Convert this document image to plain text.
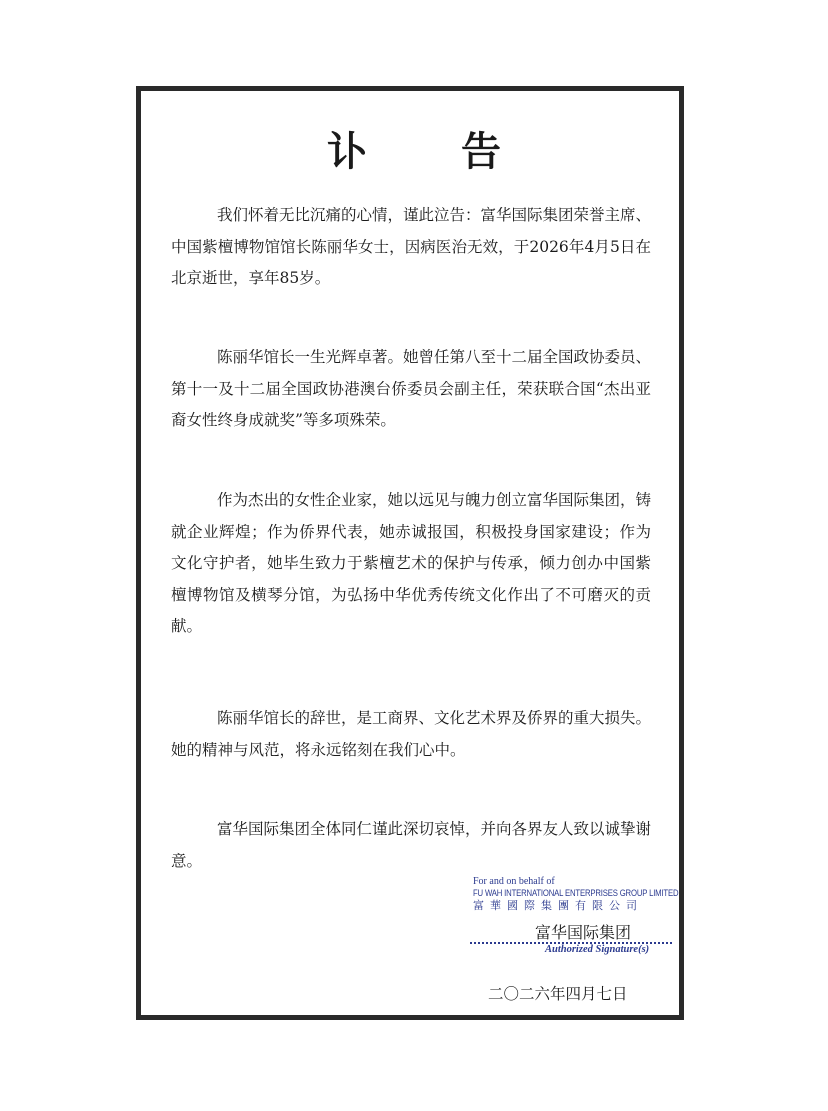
讣 告

我们怀着无比沉痛的心情，谨此泣告：富华国际集团荣誉主席、中国紫檀博物馆馆长陈丽华女士，因病医治无效，于2026年4月5日在北京逝世，享年85岁。

陈丽华馆长一生光辉卓著。她曾任第八至十二届全国政协委员、第十一及十二届全国政协港澳台侨委员会副主任，荣获联合国“杰出亚裔女性终身成就奖”等多项殊荣。

作为杰出的女性企业家，她以远见与魄力创立富华国际集团，铸就企业辉煌；作为侨界代表，她赤诚报国，积极投身国家建设；作为文化守护者，她毕生致力于紫檀艺术的保护与传承，倾力创办中国紫檀博物馆及横琴分馆，为弘扬中华优秀传统文化作出了不可磨灭的贡献。

陈丽华馆长的辞世，是工商界、文化艺术界及侨界的重大损失。她的精神与风范，将永远铭刻在我们心中。

富华国际集团全体同仁谨此深切哀悼，并向各界友人致以诚挚谢意。

For and on behalf of
FU WAH INTERNATIONAL ENTERPRISES GROUP LIMITED
富華國際集團有限公司
富华国际集团
Authorized Signature(s)
二〇二六年四月七日
